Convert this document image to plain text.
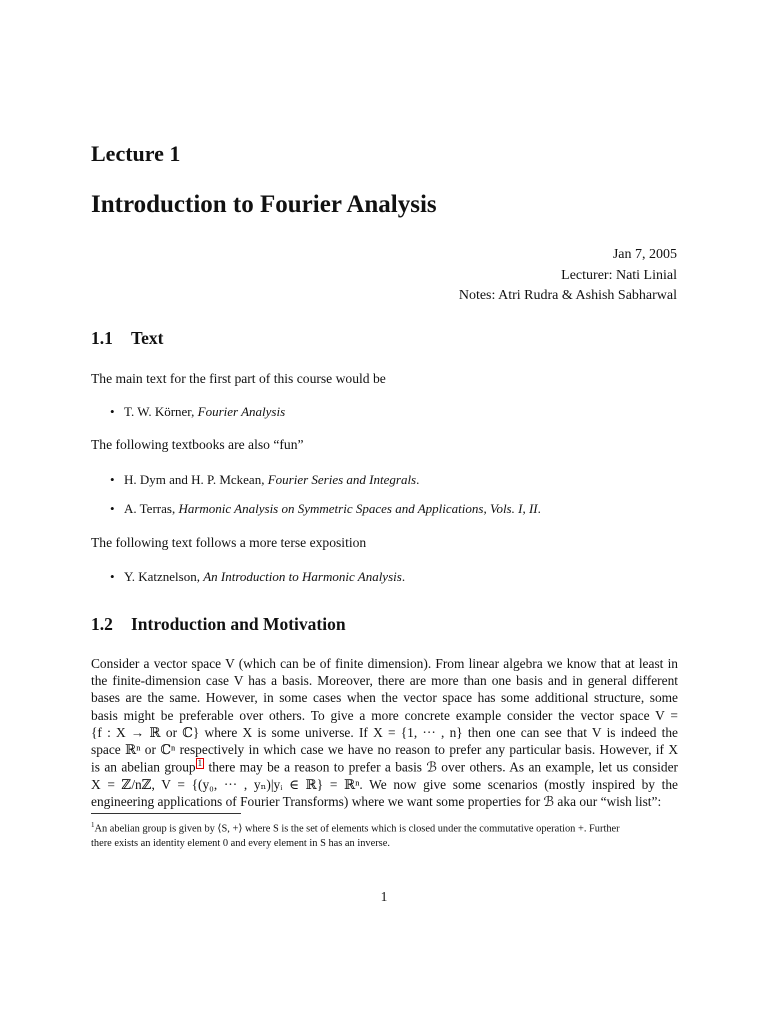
Lecture 1
Introduction to Fourier Analysis
Jan 7, 2005
Lecturer: Nati Linial
Notes: Atri Rudra & Ashish Sabharwal
1.1 Text

The main text for the first part of this course would be

• T. W. Körner, Fourier Analysis

The following textbooks are also “fun”

• H. Dym and H. P. Mckean, Fourier Series and Integrals.
• A. Terras, Harmonic Analysis on Symmetric Spaces and Applications, Vols. I, II.

The following text follows a more terse exposition

• Y. Katznelson, An Introduction to Harmonic Analysis.
1.2 Introduction and Motivation
Consider a vector space V (which can be of finite dimension). From linear algebra we know that at least in
the finite-dimension case V has a basis. Moreover, there are more than one basis and in general different
bases are the same. However, in some cases when the vector space has some additional structure, some
basis might be preferable over others. To give a more concrete example consider the vector space V =
{f : X → ℝ or ℂ} where X is some universe. If X = {1, ··· , n} then one can see that V is indeed the
space ℝⁿ or ℂⁿ respectively in which case we have no reason to prefer any particular basis. However, if X
is an abelian group 1 there may be a reason to prefer a basis ℬ over others. As an example, let us consider
X = ℤ/nℤ, V = {(y₀, ··· , yₙ)|yᵢ ∈ ℝ} = ℝⁿ. We now give some scenarios (mostly inspired by the
engineering applications of Fourier Transforms) where we want some properties for ℬ aka our “wish list”:
$^1$An abelian group is given by ⟨S, +⟩ where S is the set of elements which is closed under the commutative operation +. Further
there exists an identity element 0 and every element in S has an inverse.
1
